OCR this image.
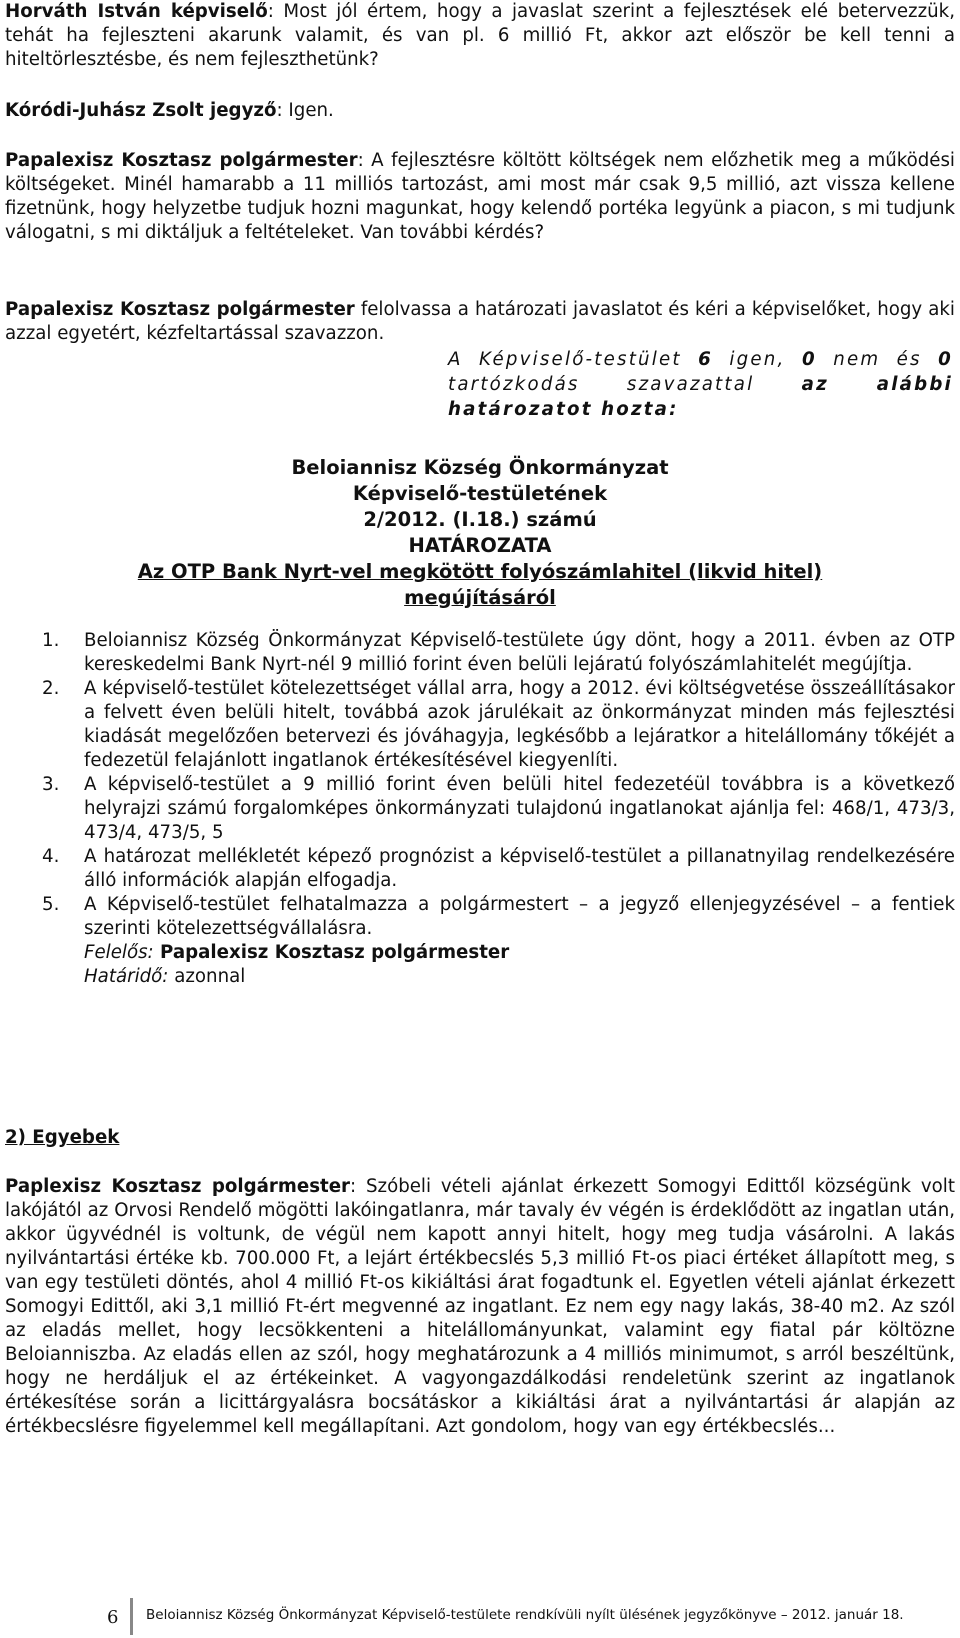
Horváth István képviselő: Most jól értem, hogy a javaslat szerint a fejlesztések elé betervezzük, tehát ha fejleszteni akarunk valamit, és van pl. 6 millió Ft, akkor azt először be kell tenni a hiteltörlesztésbe, és nem fejleszthetünk?

Kóródi-Juhász Zsolt jegyző: Igen.

Papalexisz Kosztasz polgármester: A fejlesztésre költött költségek nem előzhetik meg a működési költségeket. Minél hamarabb a 11 milliós tartozást, ami most már csak 9,5 millió, azt vissza kellene fizetnünk, hogy helyzetbe tudjuk hozni magunkat, hogy kelendő portéka legyünk a piacon, s mi tudjunk válogatni, s mi diktáljuk a feltételeket. Van további kérdés?

Papalexisz Kosztasz polgármester felolvassa a határozati javaslatot és kéri a képviselőket, hogy aki azzal egyetért, kézfeltartással szavazzon.

A Képviselő-testület 6 igen, 0 nem és 0 tartózkodás szavazattal az alábbi határozatot hozta:
Beloiannisz Község Önkormányzat
Képviselő-testületének
2/2012. (I.18.) számú
HATÁROZATA
Az OTP Bank Nyrt-vel megkötött folyószámlahitel (likvid hitel)
megújításáról
1. Beloiannisz Község Önkormányzat Képviselő-testülete úgy dönt, hogy a 2011. évben az OTP kereskedelmi Bank Nyrt-nél 9 millió forint éven belüli lejáratú folyószámlahitelét megújítja.
2. A képviselő-testület kötelezettséget vállal arra, hogy a 2012. évi költségvetése összeállításakor a felvett éven belüli hitelt, továbbá azok járulékait az önkormányzat minden más fejlesztési kiadását megelőzően betervezi és jóváhagyja, legkésőbb a lejáratkor a hitelállomány tőkéjét a fedezetül felajánlott ingatlanok értékesítésével kiegyenlíti.
3. A képviselő-testület a 9 millió forint éven belüli hitel fedezetéül továbbra is a következő helyrajzi számú forgalomképes önkormányzati tulajdonú ingatlanokat ajánlja fel: 468/1, 473/3, 473/4, 473/5, 5
4. A határozat mellékletét képező prognózist a képviselő-testület a pillanatnyilag rendelkezésére álló információk alapján elfogadja.
5. A Képviselő-testület felhatalmazza a polgármestert – a jegyző ellenjegyzésével – a fentiek szerinti kötelezettségvállalásra.
Felelős: Papalexisz Kosztasz polgármester
Határidő: azonnal
2) Egyebek

Paplexisz Kosztasz polgármester: Szóbeli vételi ajánlat érkezett Somogyi Edittől községünk volt lakójától az Orvosi Rendelő mögötti lakóingatlanra, már tavaly év végén is érdeklődött az ingatlan után, akkor ügyvédnél is voltunk, de végül nem kapott annyi hitelt, hogy meg tudja vásárolni. A lakás nyilvántartási értéke kb. 700.000 Ft, a lejárt értékbecslés 5,3 millió Ft-os piaci értéket állapított meg, s van egy testületi döntés, ahol 4 millió Ft-os kikiáltási árat fogadtunk el. Egyetlen vételi ajánlat érkezett Somogyi Edittől, aki 3,1 millió Ft-ért megvenné az ingatlant. Ez nem egy nagy lakás, 38-40 m2. Az szól az eladás mellet, hogy lecsökkenteni a hitelállományunkat, valamint egy fiatal pár költözne Beloianniszba. Az eladás ellen az szól, hogy meghatározunk a 4 milliós minimumot, s arról beszéltünk, hogy ne herdáljuk el az értékeinket. A vagyongazdálkodási rendeletünk szerint az ingatlanok értékesítése során a licittárgyalásra bocsátáskor a kikiáltási árat a nyilvántartási ár alapján az értékbecslésre figyelemmel kell megállapítani. Azt gondolom, hogy van egy értékbecslés...

6 Beloiannisz Község Önkormányzat Képviselő-testülete rendkívüli nyílt ülésének jegyzőkönyve – 2012. január 18.
